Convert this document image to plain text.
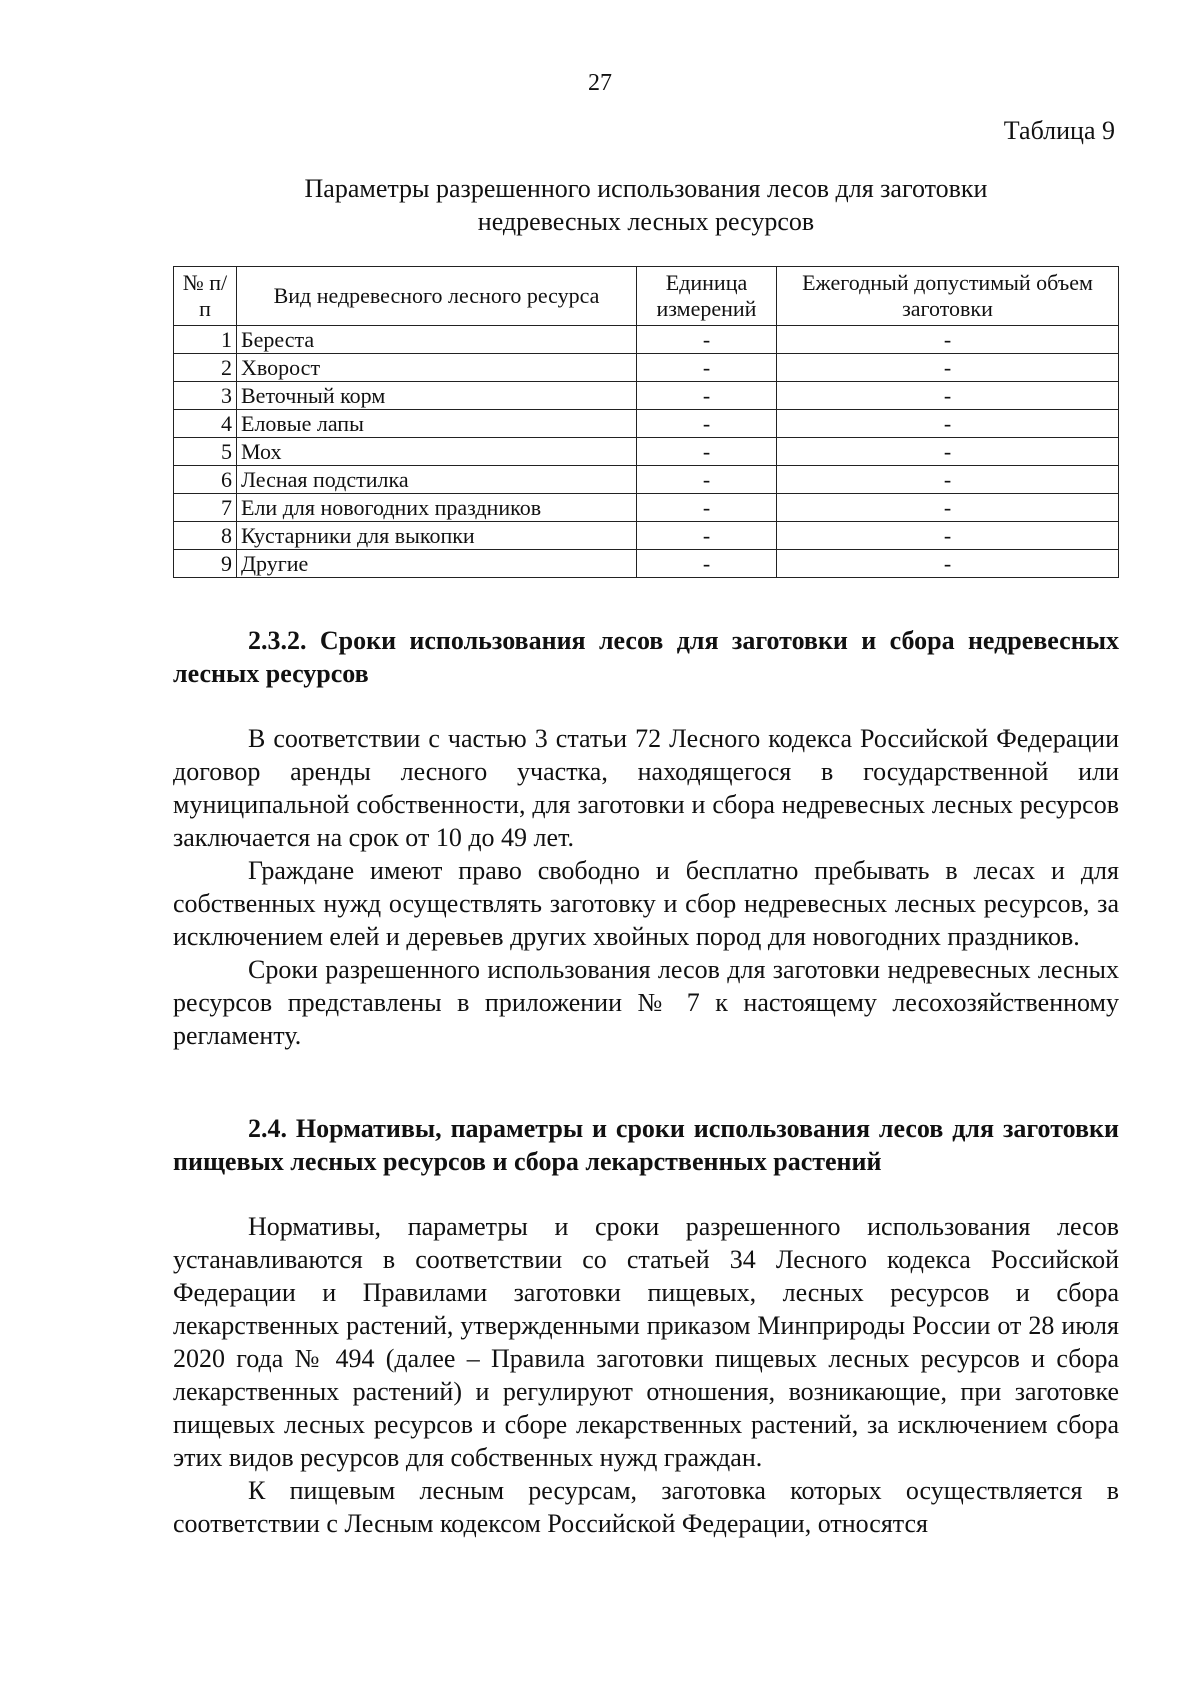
27
Таблица 9
Параметры разрешенного использования лесов для заготовки
недревесных лесных ресурсов
№ п/п	Вид недревесного лесного ресурса	Единица измерений	Ежегодный допустимый объем заготовки
1	Береста	-	-
2	Хворост	-	-
3	Веточный корм	-	-
4	Еловые лапы	-	-
5	Мох	-	-
6	Лесная подстилка	-	-
7	Ели для новогодних праздников	-	-
8	Кустарники для выкопки	-	-
9	Другие	-	-
2.3.2. Сроки использования лесов для заготовки и сбора недревесных лесных ресурсов

В соответствии с частью 3 статьи 72 Лесного кодекса Российской Федерации договор аренды лесного участка, находящегося в государственной или муниципальной собственности, для заготовки и сбора недревесных лесных ресурсов заключается на срок от 10 до 49 лет.

Граждане имеют право свободно и бесплатно пребывать в лесах и для собственных нужд осуществлять заготовку и сбор недревесных лесных ресурсов, за исключением елей и деревьев других хвойных пород для новогодних праздников.

Сроки разрешенного использования лесов для заготовки недревесных лесных ресурсов представлены в приложении № 7 к настоящему лесохозяйственному регламенту.

2.4. Нормативы, параметры и сроки использования лесов для заготовки пищевых лесных ресурсов и сбора лекарственных растений

Нормативы, параметры и сроки разрешенного использования лесов устанавливаются в соответствии со статьей 34 Лесного кодекса Российской Федерации и Правилами заготовки пищевых, лесных ресурсов и сбора лекарственных растений, утвержденными приказом Минприроды России от 28 июля 2020 года № 494 (далее – Правила заготовки пищевых лесных ресурсов и сбора лекарственных растений) и регулируют отношения, возникающие, при заготовке пищевых лесных ресурсов и сборе лекарственных растений, за исключением сбора этих видов ресурсов для собственных нужд граждан.

К пищевым лесным ресурсам, заготовка которых осуществляется в соответствии с Лесным кодексом Российской Федерации, относятся
